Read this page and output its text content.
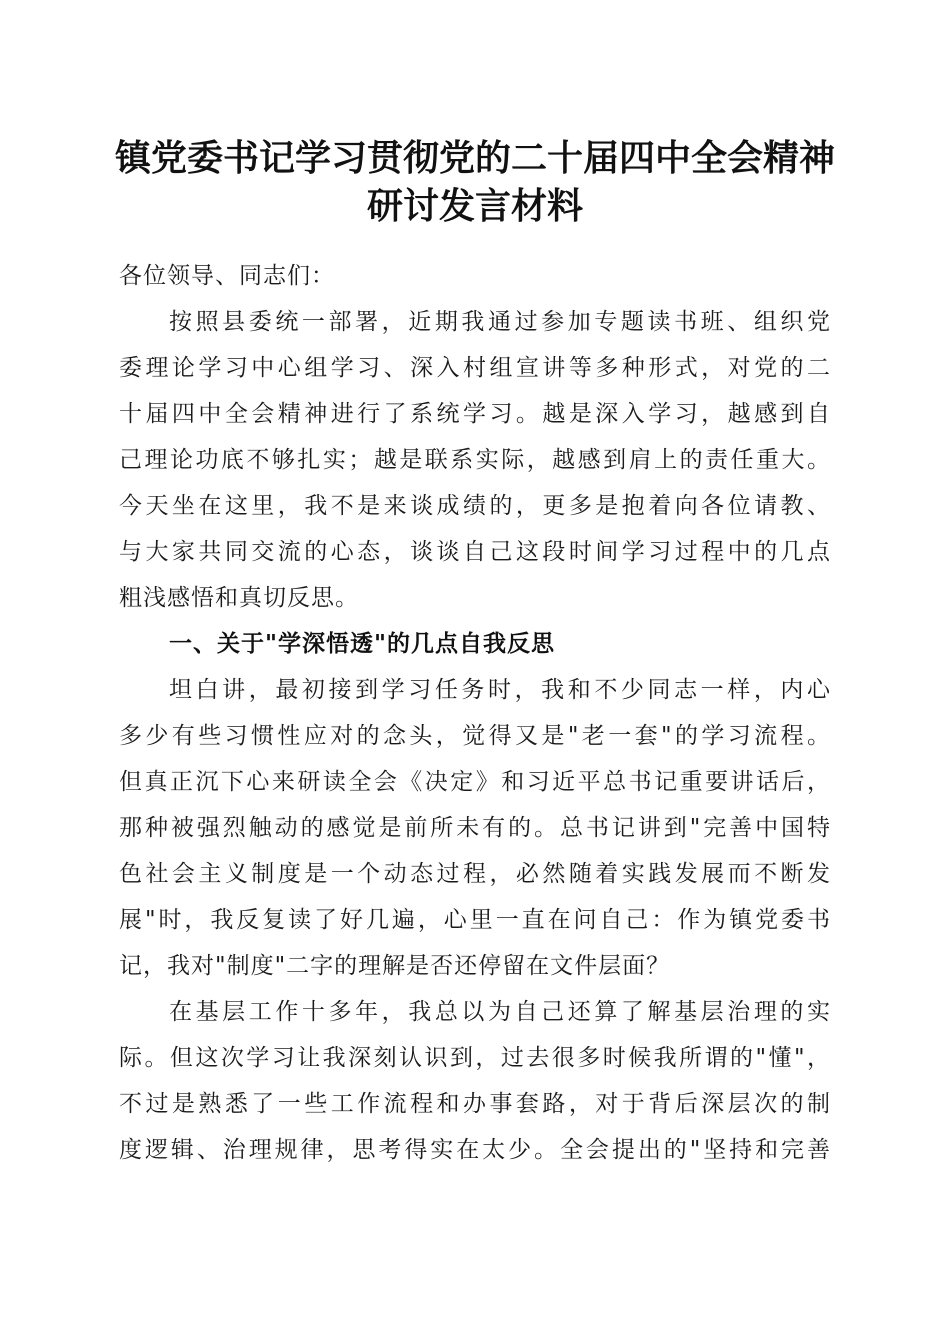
镇党委书记学习贯彻党的二十届四中全会精神
研讨发言材料
各位领导、同志们：
按照县委统一部署，近期我通过参加专题读书班、组织党
委理论学习中心组学习、深入村组宣讲等多种形式，对党的二
十届四中全会精神进行了系统学习。越是深入学习，越感到自
己理论功底不够扎实；越是联系实际，越感到肩上的责任重大。
今天坐在这里，我不是来谈成绩的，更多是抱着向各位请教、
与大家共同交流的心态，谈谈自己这段时间学习过程中的几点
粗浅感悟和真切反思。
一、关于"学深悟透"的几点自我反思
坦白讲，最初接到学习任务时，我和不少同志一样，内心
多少有些习惯性应对的念头，觉得又是"老一套"的学习流程。
但真正沉下心来研读全会《决定》和习近平总书记重要讲话后，
那种被强烈触动的感觉是前所未有的。总书记讲到"完善中国特
色社会主义制度是一个动态过程，必然随着实践发展而不断发
展"时，我反复读了好几遍，心里一直在问自己：作为镇党委书
记，我对"制度"二字的理解是否还停留在文件层面？
在基层工作十多年，我总以为自己还算了解基层治理的实
际。但这次学习让我深刻认识到，过去很多时候我所谓的"懂"，
不过是熟悉了一些工作流程和办事套路，对于背后深层次的制
度逻辑、治理规律，思考得实在太少。全会提出的"坚持和完善
